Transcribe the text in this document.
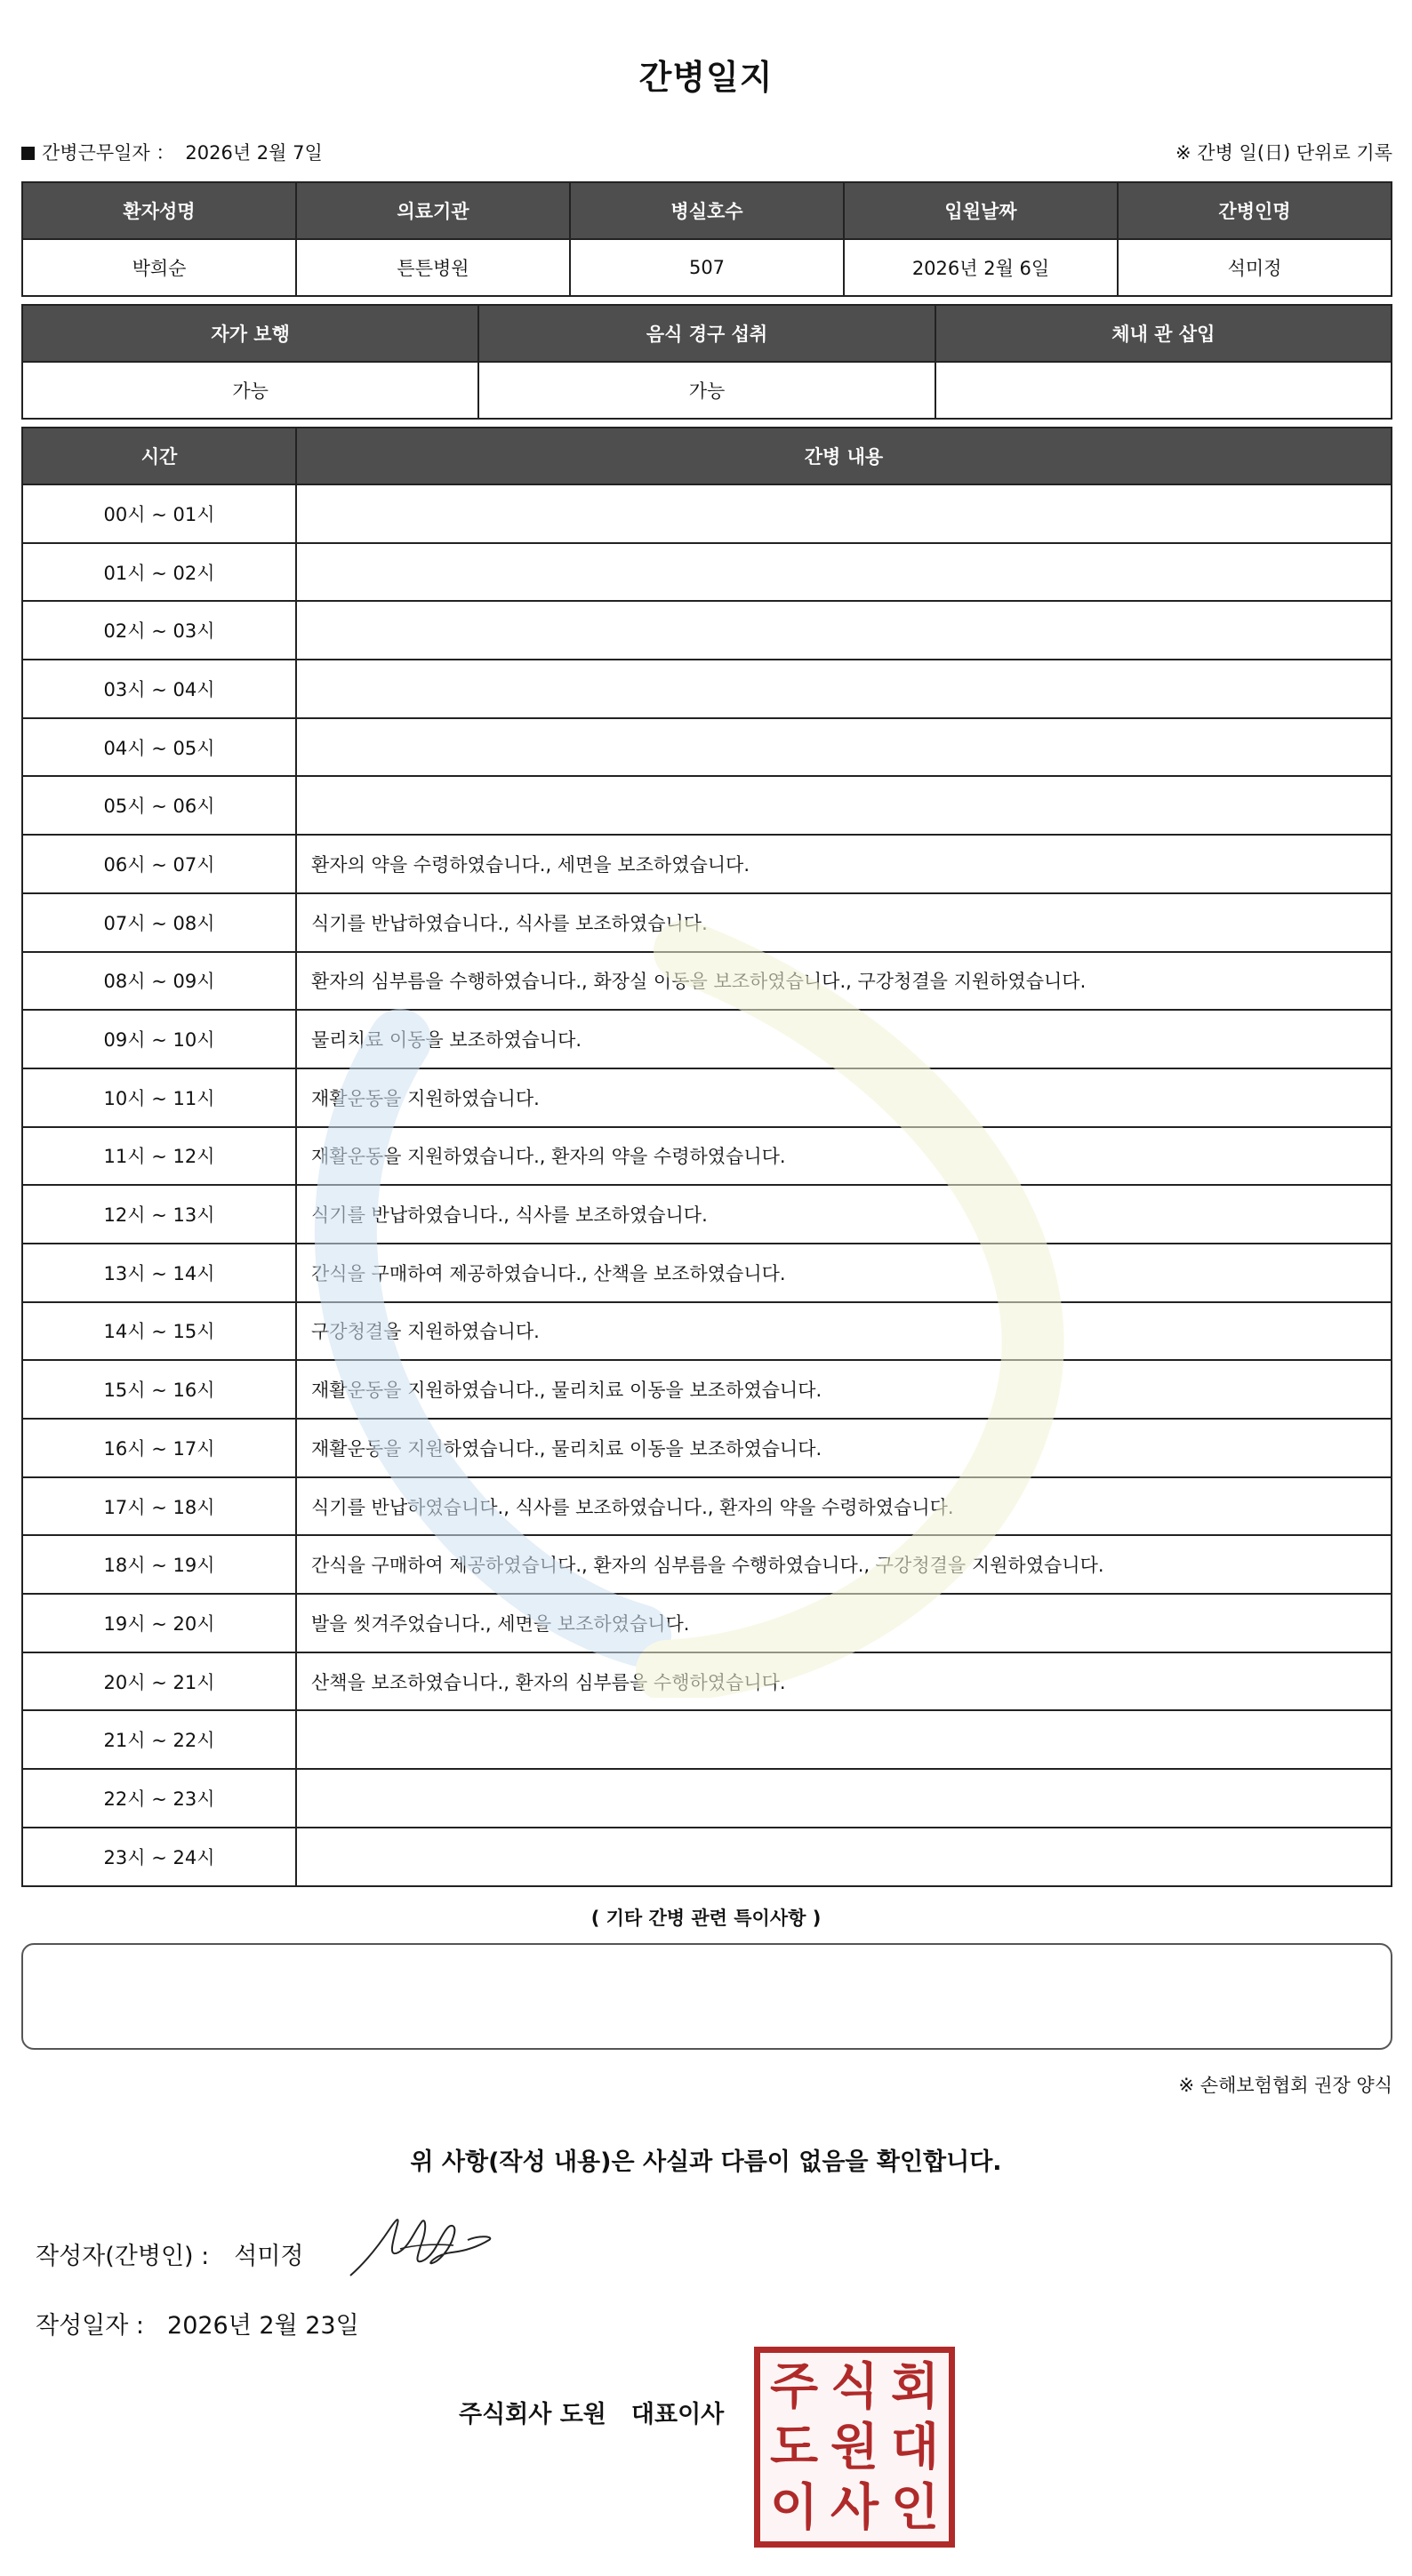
간병일지
간병근무일자 ： 2026년 2월 7일	※ 간병 일(日) 단위로 기록
환자성명	의료기관	병실호수	입원날짜	간병인명
박희순	튼튼병원	507	2026년 2월 6일	석미정
자가 보행	음식 경구 섭취	체내 관 삽입
가능	가능	
시간	간병 내용
00시 ~ 01시	
01시 ~ 02시	
02시 ~ 03시	
03시 ~ 04시	
04시 ~ 05시	
05시 ~ 06시	
06시 ~ 07시	환자의 약을 수령하였습니다., 세면을 보조하였습니다.
07시 ~ 08시	식기를 반납하였습니다., 식사를 보조하였습니다.
08시 ~ 09시	환자의 심부름을 수행하였습니다., 화장실 이동을 보조하였습니다., 구강청결을 지원하였습니다.
09시 ~ 10시	물리치료 이동을 보조하였습니다.
10시 ~ 11시	재활운동을 지원하였습니다.
11시 ~ 12시	재활운동을 지원하였습니다., 환자의 약을 수령하였습니다.
12시 ~ 13시	식기를 반납하였습니다., 식사를 보조하였습니다.
13시 ~ 14시	간식을 구매하여 제공하였습니다., 산책을 보조하였습니다.
14시 ~ 15시	구강청결을 지원하였습니다.
15시 ~ 16시	재활운동을 지원하였습니다., 물리치료 이동을 보조하였습니다.
16시 ~ 17시	재활운동을 지원하였습니다., 물리치료 이동을 보조하였습니다.
17시 ~ 18시	식기를 반납하였습니다., 식사를 보조하였습니다., 환자의 약을 수령하였습니다.
18시 ~ 19시	간식을 구매하여 제공하였습니다., 환자의 심부름을 수행하였습니다., 구강청결을 지원하였습니다.
19시 ~ 20시	발을 씻겨주었습니다., 세면을 보조하였습니다.
20시 ~ 21시	산책을 보조하였습니다., 환자의 심부름을 수행하였습니다.
21시 ~ 22시	
22시 ~ 23시	
23시 ~ 24시	
( 기타 간병 관련 특이사항 )
※ 손해보험협회 권장 양식
위 사항(작성 내용)은 사실과 다름이 없음을 확인합니다.
작성자(간병인) : 석미정
작성일자 : 2026년 2월 23일
주식회사 도원 대표이사 주 식 회
도 원 대
이 사 인
